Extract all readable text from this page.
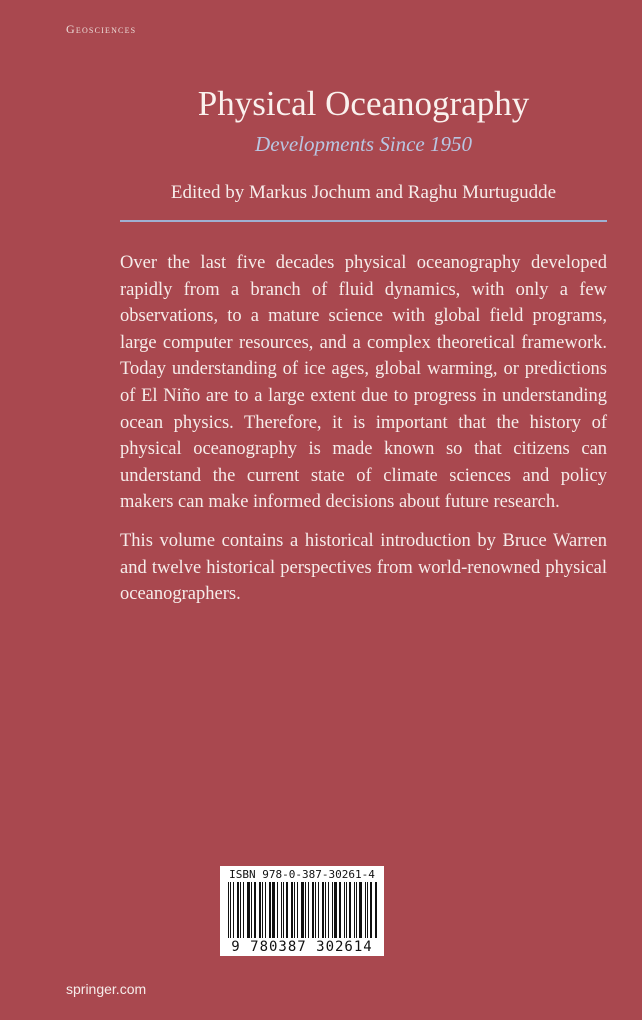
Geosciences
Physical Oceanography
Developments Since 1950
Edited by Markus Jochum and Raghu Murtugudde

Over the last five decades physical oceanography developed rapidly from a branch of fluid dynamics, with only a few observations, to a mature science with global field programs, large computer resources, and a complex theoretical framework. Today understanding of ice ages, global warming, or predictions of El Niño are to a large extent due to progress in understanding ocean physics. Therefore, it is important that the history of physical oceanography is made known so that citizens can understand the current state of climate sciences and policy makers can make informed decisions about future research.

This volume contains a historical introduction by Bruce Warren and twelve historical perspectives from world-renowned physical oceanographers.

ISBN 978-0-387-30261-4
9 780387 302614
springer.com
